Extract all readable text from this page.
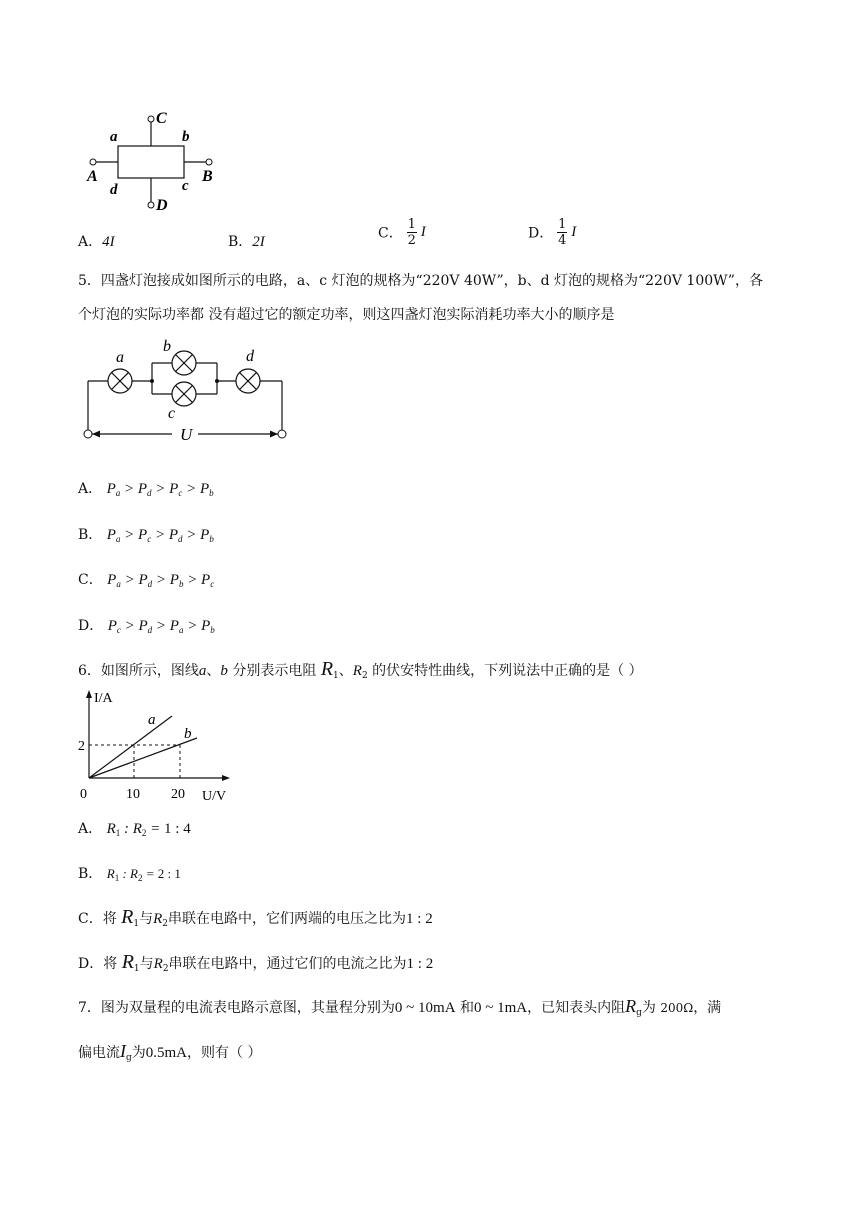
C
D
A	B
a	b
c
d
A．4I	B．2I
C． $\frac{1}{2}$ I	D． $\frac{1}{4}$ I
5．四盏灯泡接成如图所示的电路，a、c 灯泡的规格为“220V 40W”，b、d 灯泡的规格为“220V 100W”，各
个灯泡的实际功率都 没有超过它的额定功率，则这四盏灯泡实际消耗功率大小的顺序是
a
b
c
d
U
A． $P_a > P_d > P_c > P_b$
B． $P_a > P_c > P_d > P_b$
C． $P_a > P_d > P_b > P_c$
D． $P_c > P_d > P_a > P_b$
6．如图所示，图线a、b 分别表示电阻 $R_1$、$R_2$ 的伏安特性曲线，下列说法中正确的是（ ）
I/A
U/V
0	10 20
2
a
b
A． $R_1$ : $R_2 = 1$ : 4
B． $R_1$ : $R_2 = 2$ : 1
C．将 $R_1$与$R_2$串联在电路中，它们两端的电压之比为1 : 2
D．将 $R_1$与$R_2$串联在电路中，通过它们的电流之比为1 : 2
7．图为双量程的电流表电路示意图，其量程分别为0 ~ 10mA 和0 ~ 1mA，已知表头内阻$R_g$为 200Ω，满
偏电流$I_g$为0.5mA，则有（ ）
